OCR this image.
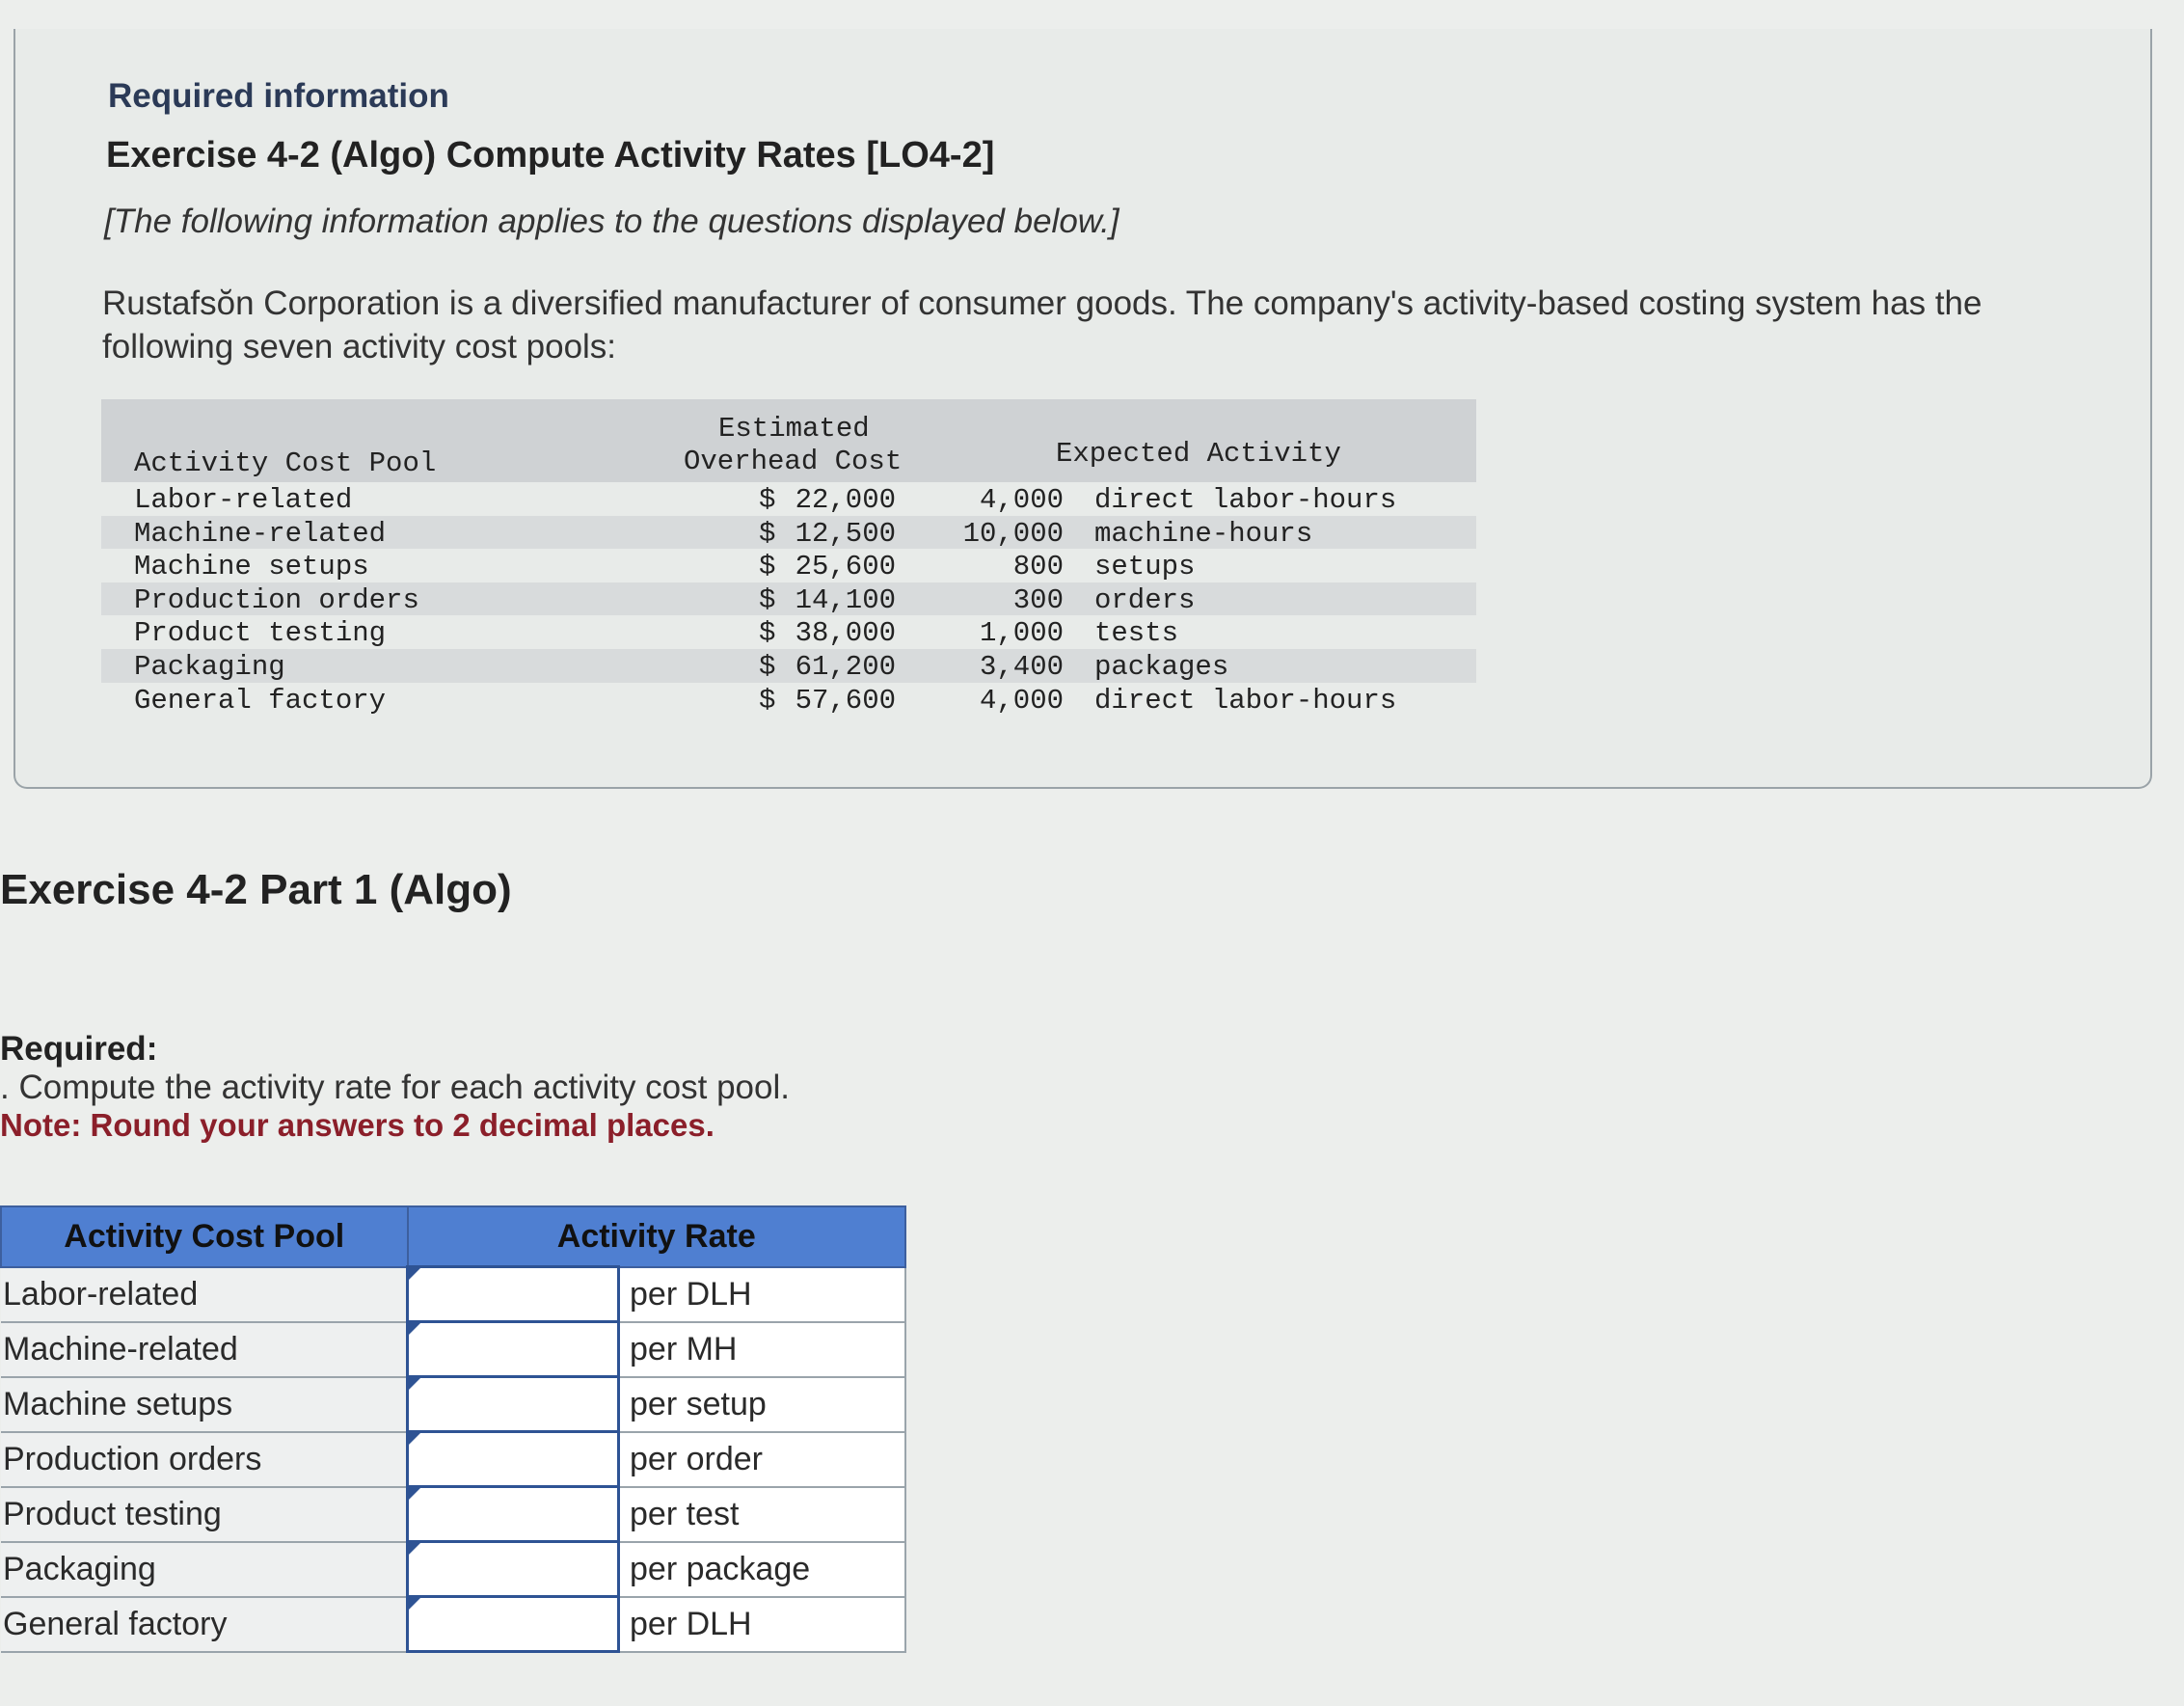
Required information
Exercise 4-2 (Algo) Compute Activity Rates [LO4-2]
[The following information applies to the questions displayed below.]
Rustafsŏn Corporation is a diversified manufacturer of consumer goods. The company's activity-based costing system has the following seven activity cost pools:
Activity Cost Pool
Estimated
Overhead Cost	Expected Activity
Labor-related	$ 22,000	4,000 direct labor-hours
Machine-related	$ 12,500	10,000 machine-hours
Machine setups	$ 25,600	800 setups
Production orders	$ 14,100	300 orders
Product testing	$ 38,000	1,000 tests
Packaging	$ 61,200	3,400 packages
General factory	$ 57,600	4,000 direct labor-hours
Exercise 4-2 Part 1 (Algo)
Required:
. Compute the activity rate for each activity cost pool.
Note: Round your answers to 2 decimal places.
Activity Cost Pool	Activity Rate	
Labor-related		per DLH
Machine-related		per MH
Machine setups		per setup
Production orders		per order
Product testing		per test
Packaging		per package
General factory		per DLH
